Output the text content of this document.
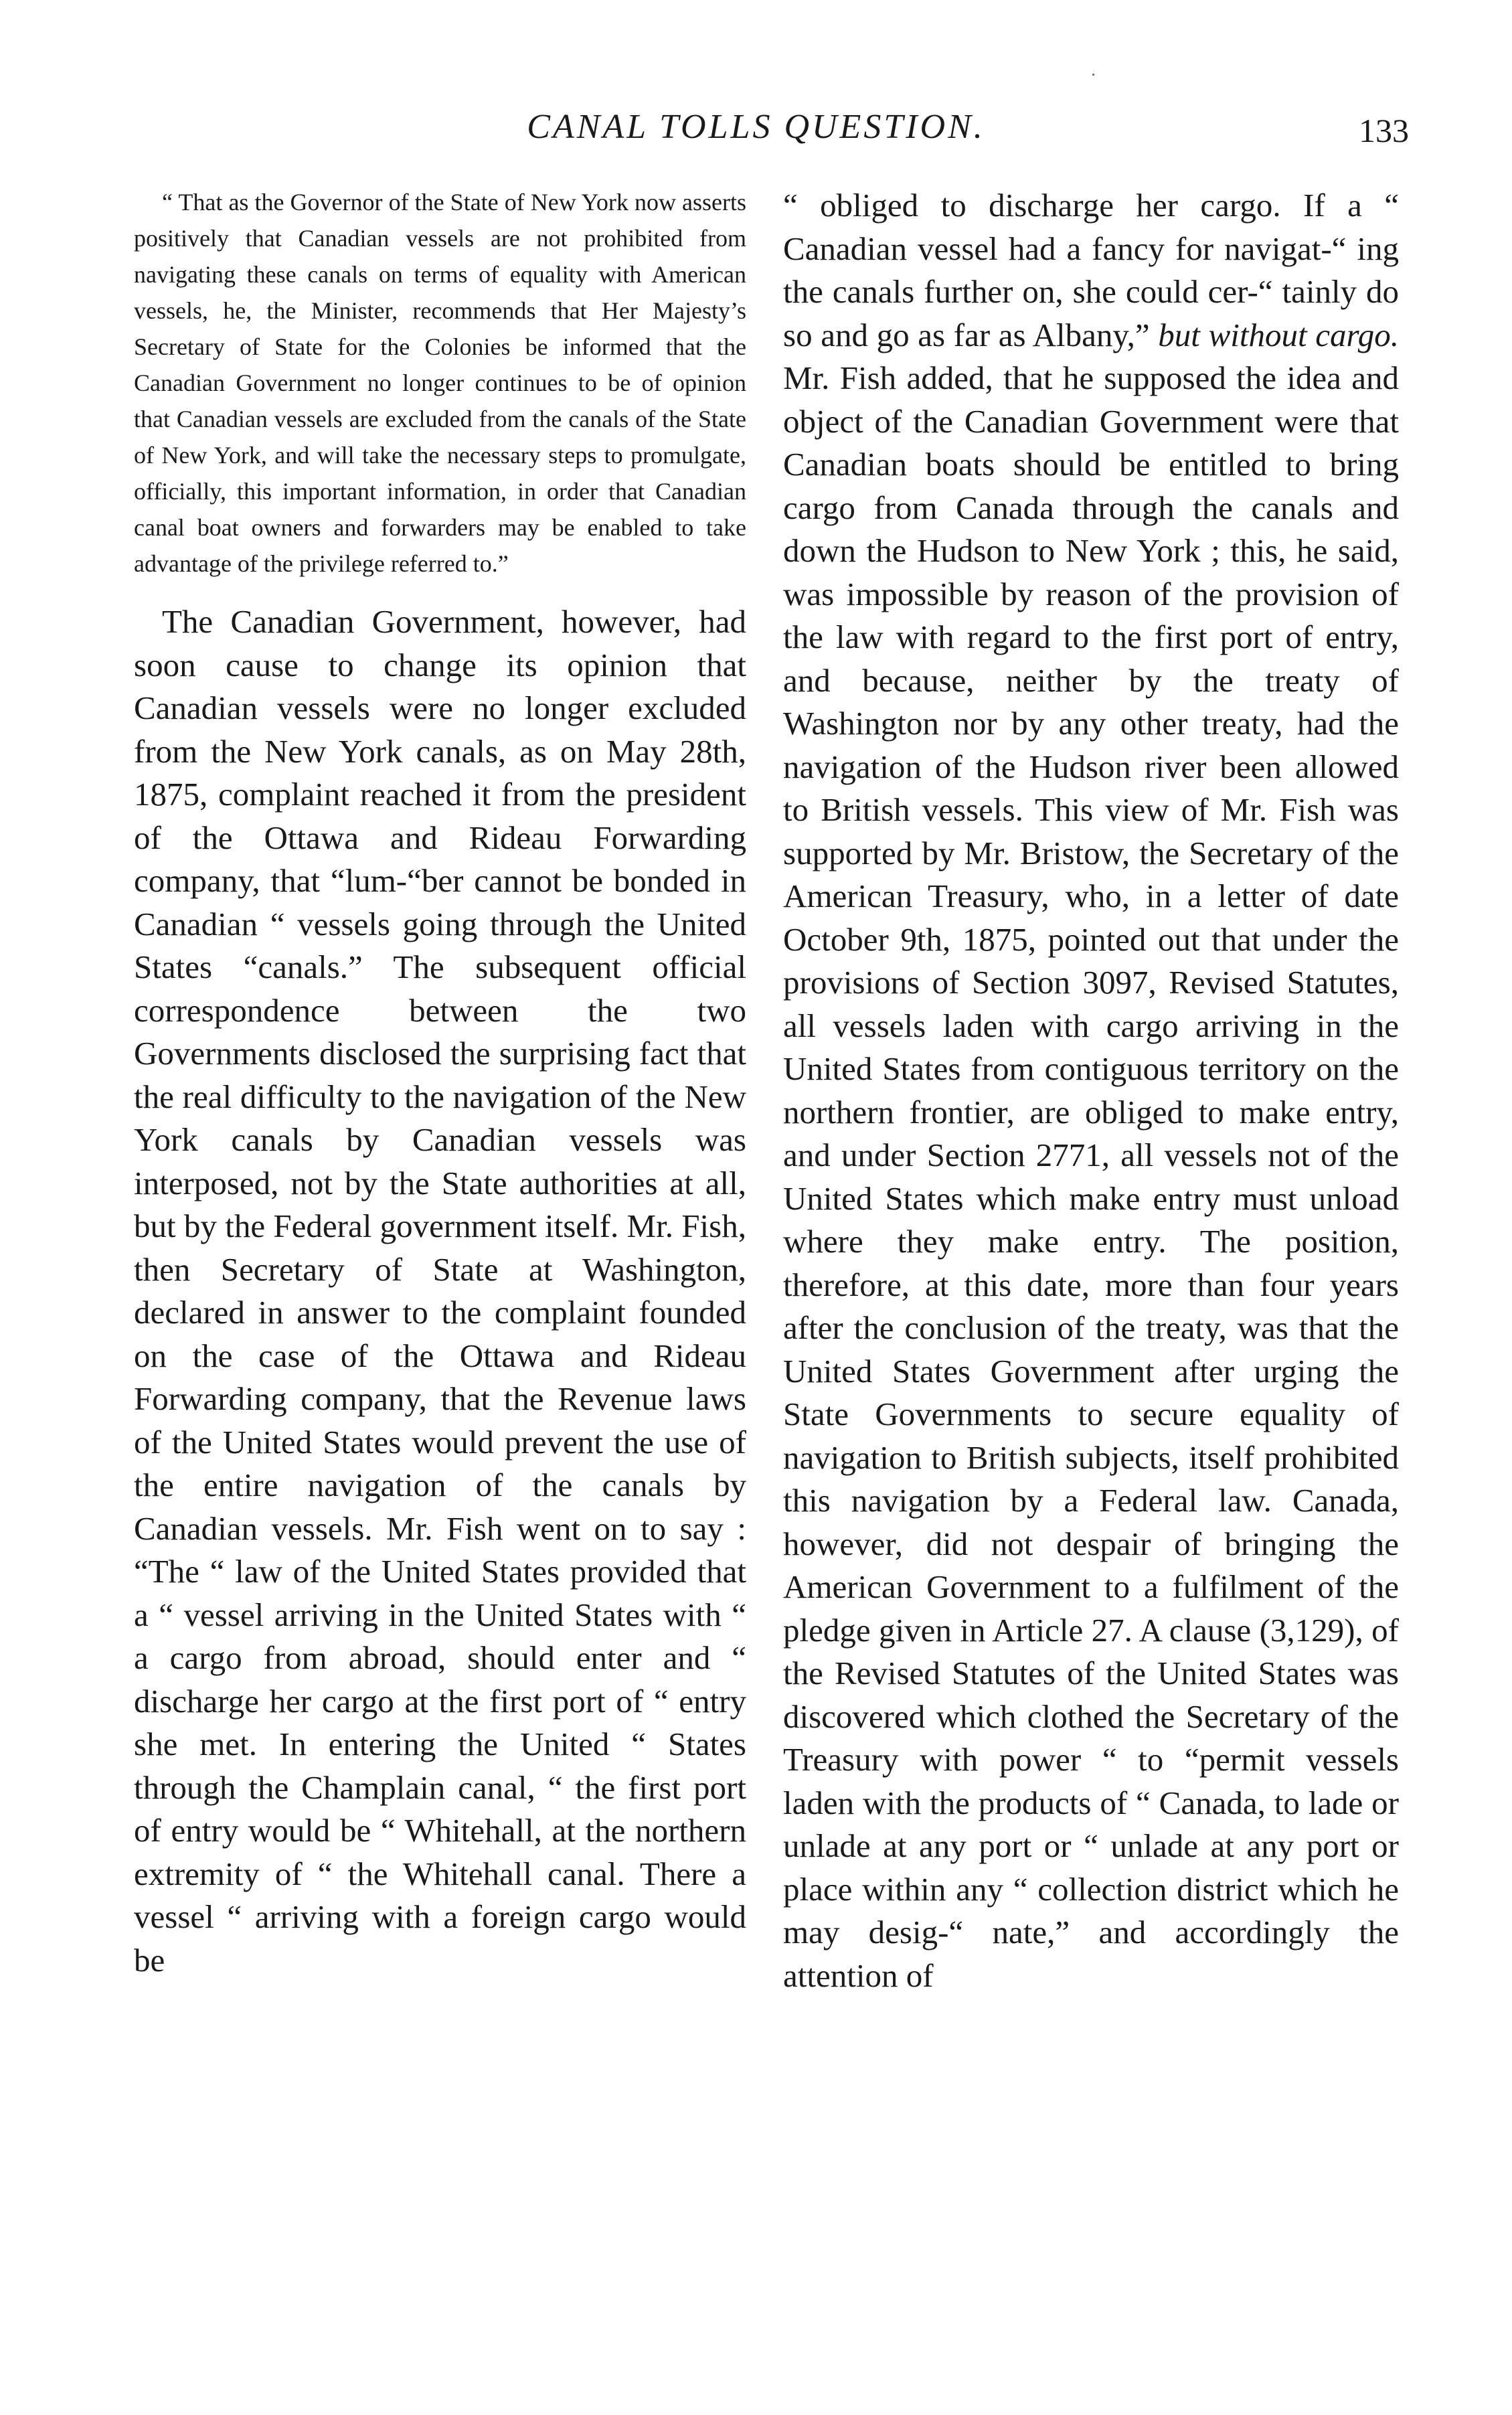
CANAL TOLLS QUESTION.	133

“ That as the Governor of the State of New York now asserts positively that Canadian vessels are not prohibited from navigating these canals on terms of equality with American vessels, he, the Minister, recommends that Her Majesty’s Secretary of State for the Colonies be informed that the Canadian Government no longer continues to be of opinion that Canadian vessels are excluded from the canals of the State of New York, and will take the necessary steps to promulgate, officially, this important information, in order that Canadian canal boat owners and forwarders may be enabled to take advantage of the privilege referred to.”

The Canadian Government, however, had soon cause to change its opinion that Canadian vessels were no longer excluded from the New York canals, as on May 28th, 1875, complaint reached it from the president of the Ottawa and Rideau Forwarding company, that “lum-“ber cannot be bonded in Canadian “ vessels going through the United States “canals.” The subsequent official correspondence between the two Governments disclosed the surprising fact that the real difficulty to the navigation of the New York canals by Canadian vessels was interposed, not by the State authorities at all, but by the Federal government itself. Mr. Fish, then Secretary of State at Washington, declared in answer to the complaint founded on the case of the Ottawa and Rideau Forwarding company, that the Revenue laws of the United States would prevent the use of the entire navigation of the canals by Canadian vessels. Mr. Fish went on to say : “The “ law of the United States provided that a “ vessel arriving in the United States with “ a cargo from abroad, should enter and “ discharge her cargo at the first port of “ entry she met. In entering the United “ States through the Champlain canal, “ the first port of entry would be “ Whitehall, at the northern extremity of “ the Whitehall canal. There a vessel “ arriving with a foreign cargo would be

“ obliged to discharge her cargo. If a “ Canadian vessel had a fancy for navigat-“ ing the canals further on, she could cer-“ tainly do so and go as far as Albany,” but without cargo. Mr. Fish added, that he supposed the idea and object of the Canadian Government were that Canadian boats should be entitled to bring cargo from Canada through the canals and down the Hudson to New York ; this, he said, was impossible by reason of the provision of the law with regard to the first port of entry, and because, neither by the treaty of Washington nor by any other treaty, had the navigation of the Hudson river been allowed to British vessels. This view of Mr. Fish was supported by Mr. Bristow, the Secretary of the American Treasury, who, in a letter of date October 9th, 1875, pointed out that under the provisions of Section 3097, Revised Statutes, all vessels laden with cargo arriving in the United States from contiguous territory on the northern frontier, are obliged to make entry, and under Section 2771, all vessels not of the United States which make entry must unload where they make entry. The position, therefore, at this date, more than four years after the conclusion of the treaty, was that the United States Government after urging the State Governments to secure equality of navigation to British subjects, itself prohibited this navigation by a Federal law. Canada, however, did not despair of bringing the American Government to a fulfilment of the pledge given in Article 27. A clause (3,129), of the Revised Statutes of the United States was discovered which clothed the Secretary of the Treasury with power “ to “permit vessels laden with the products of “ Canada, to lade or unlade at any port or “ unlade at any port or place within any “ collection district which he may desig-“ nate,” and accordingly the attention of
